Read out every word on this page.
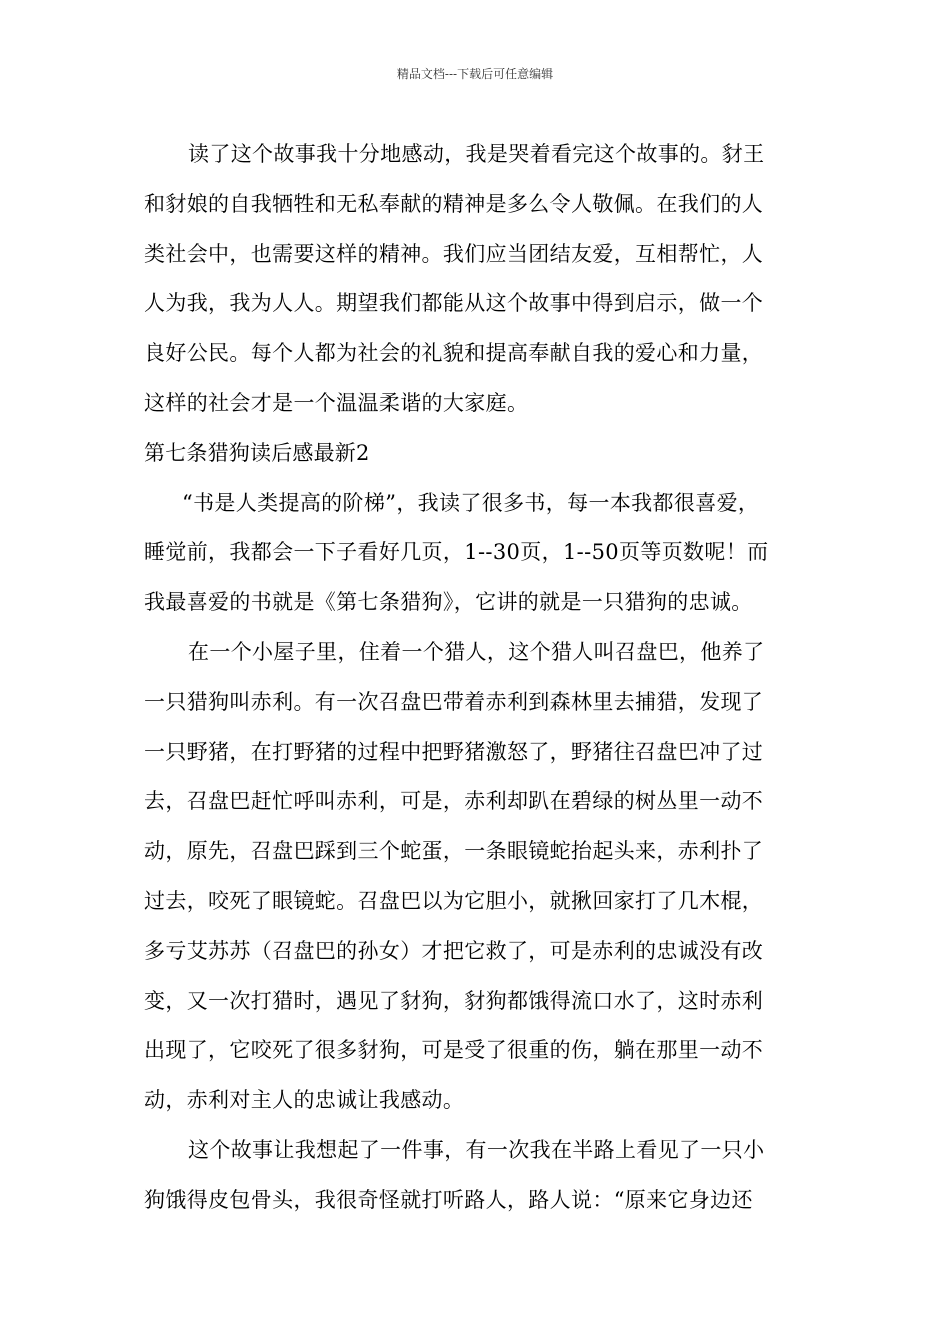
精品文档---下载后可任意编辑
读了这个故事我十分地感动，我是哭着看完这个故事的。豺王
和豺娘的自我牺牲和无私奉献的精神是多么令人敬佩。在我们的人
类社会中，也需要这样的精神。我们应当团结友爱，互相帮忙，人
人为我，我为人人。期望我们都能从这个故事中得到启示，做一个
良好公民。每个人都为社会的礼貌和提高奉献自我的爱心和力量，
这样的社会才是一个温温柔谐的大家庭。
第七条猎狗读后感最新2
“书是人类提高的阶梯”，我读了很多书，每一本我都很喜爱，
睡觉前，我都会一下子看好几页，1--30页，1--50页等页数呢！而
我最喜爱的书就是《第七条猎狗》，它讲的就是一只猎狗的忠诚。
在一个小屋子里，住着一个猎人，这个猎人叫召盘巴，他养了
一只猎狗叫赤利。有一次召盘巴带着赤利到森林里去捕猎，发现了
一只野猪，在打野猪的过程中把野猪激怒了，野猪往召盘巴冲了过
去，召盘巴赶忙呼叫赤利，可是，赤利却趴在碧绿的树丛里一动不
动，原先，召盘巴踩到三个蛇蛋，一条眼镜蛇抬起头来，赤利扑了
过去，咬死了眼镜蛇。召盘巴以为它胆小，就揪回家打了几木棍，
多亏艾苏苏（召盘巴的孙女）才把它救了，可是赤利的忠诚没有改
变，又一次打猎时，遇见了豺狗，豺狗都饿得流口水了，这时赤利
出现了，它咬死了很多豺狗，可是受了很重的伤，躺在那里一动不
动，赤利对主人的忠诚让我感动。
这个故事让我想起了一件事，有一次我在半路上看见了一只小
狗饿得皮包骨头，我很奇怪就打听路人，路人说：“原来它身边还
